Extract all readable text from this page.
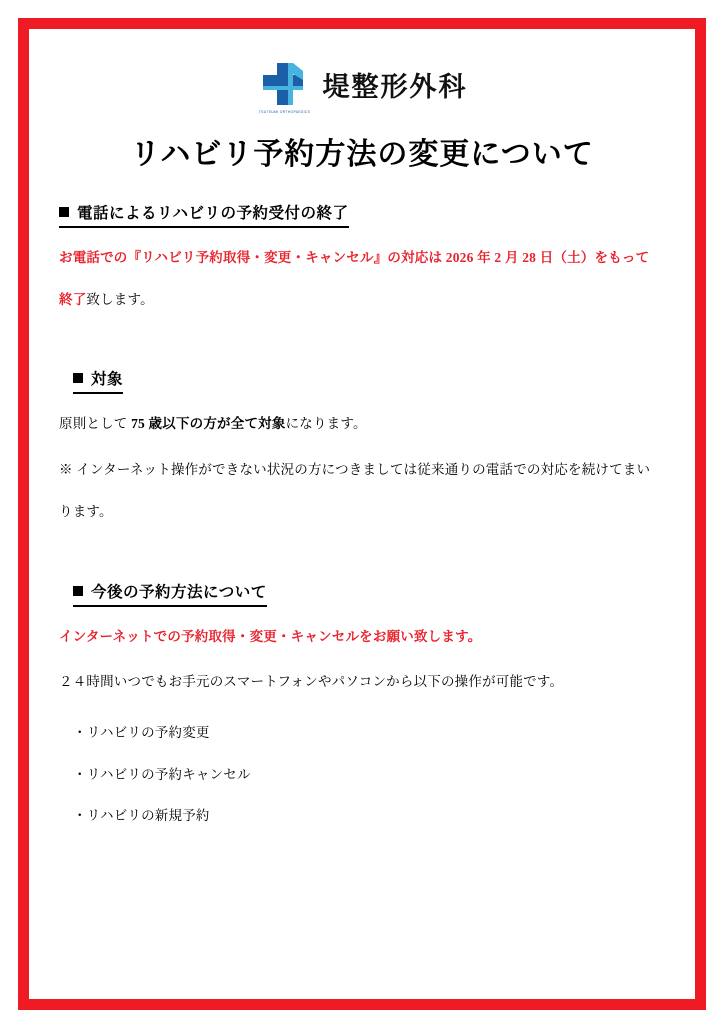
TSUTSUMI ORTHOPAEDICS
堤整形外科
リハビリ予約方法の変更について
電話によるリハビリの予約受付の終了

お電話での『リハビリ予約取得・変更・キャンセル』の対応は 2026 年 2 月 28 日（土）をもって

終了致します。

対象

原則として 75 歳以下の方が全て対象になります。

※ インターネット操作ができない状況の方につきましては従来通りの電話での対応を続けてまい

ります。

今後の予約方法について

インターネットでの予約取得・変更・キャンセルをお願い致します。

２４時間いつでもお手元のスマートフォンやパソコンから以下の操作が可能です。

・リハビリの予約変更
・リハビリの予約キャンセル
・リハビリの新規予約
